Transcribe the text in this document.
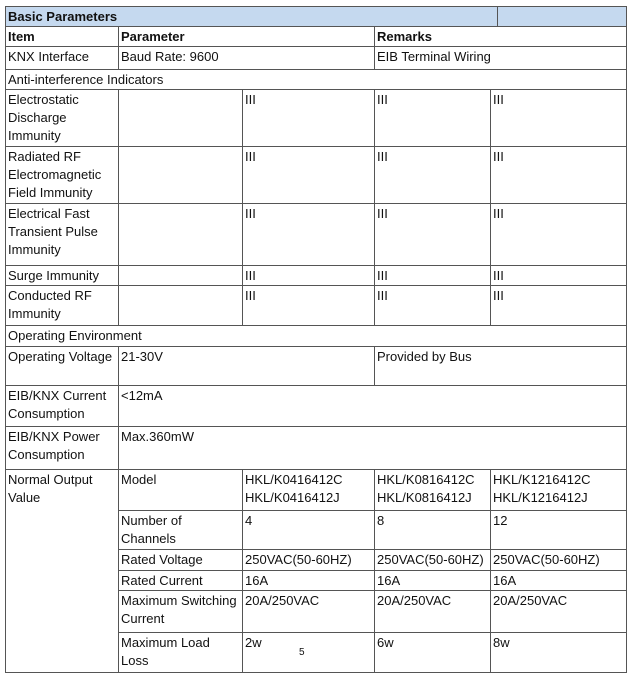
Basic Parameters					
Item	Parameter		Remarks		
KNX Interface	Baud Rate: 9600		EIB Terminal Wiring		
Anti-interference Indicators					
Electrostatic Discharge Immunity		III	III	III	
Radiated RF Electromagnetic Field Immunity		III	III	III	
Electrical Fast Transient Pulse Immunity		III	III	III	
Surge Immunity		III	III	III	
Conducted RF Immunity		III	III	III	
Operating Environment					
Operating Voltage	21-30V		Provided by Bus		
EIB/KNX Current Consumption	<12mA				
EIB/KNX Power Consumption	Max.360mW				
Normal Output Value	Model	HKL/K0416412C HKL/K0416412J	HKL/K0816412C HKL/K0816412J	HKL/K1216412C HKL/K1216412J	
	Number of Channels	4	8	12	
	Rated Voltage	250VAC(50-60HZ)	250VAC(50-60HZ)	250VAC(50-60HZ)	
	Rated Current	16A	16A	16A	
	Maximum Switching Current	20A/250VAC	20A/250VAC	20A/250VAC	
	Maximum Load Loss	2w	6w	8w	
5
